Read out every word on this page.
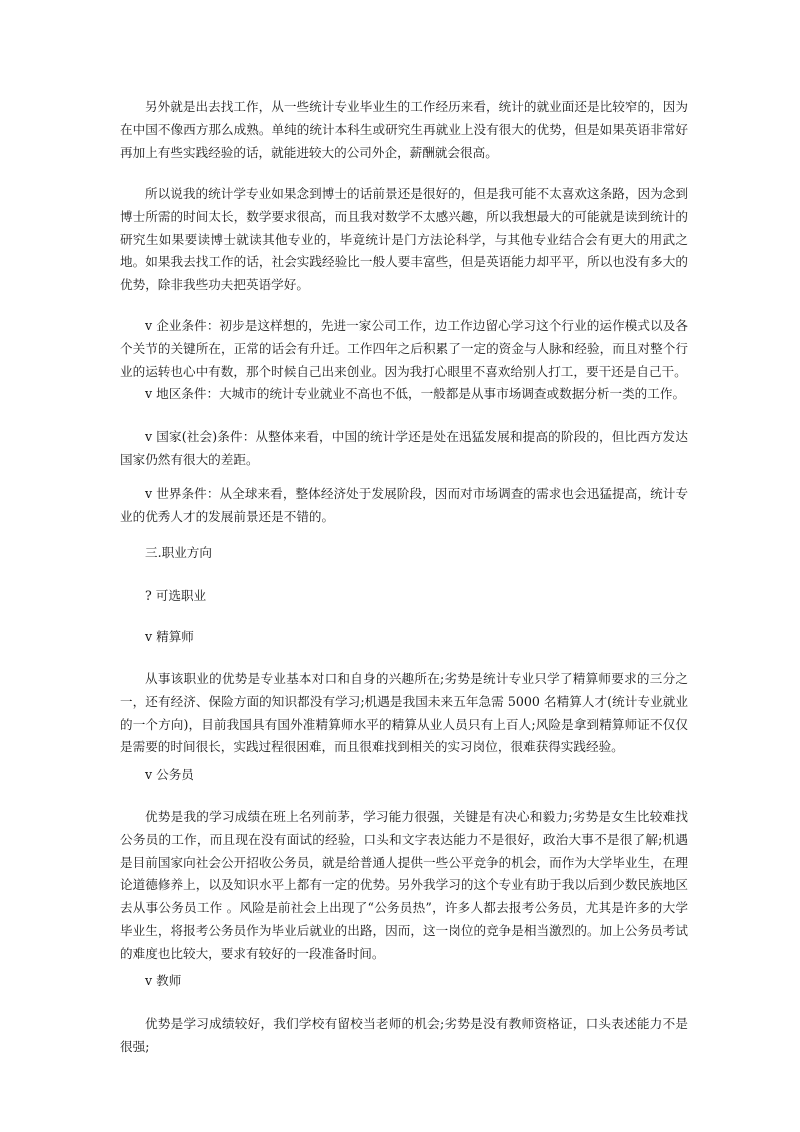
另外就是出去找工作，从一些统计专业毕业生的工作经历来看，统计的就业面还是比较窄的，因为在中国不像西方那么成熟。单纯的统计本科生或研究生再就业上没有很大的优势，但是如果英语非常好再加上有些实践经验的话，就能进较大的公司外企，薪酬就会很高。

所以说我的统计学专业如果念到博士的话前景还是很好的，但是我可能不太喜欢这条路，因为念到博士所需的时间太长，数学要求很高，而且我对数学不太感兴趣，所以我想最大的可能就是读到统计的研究生如果要读博士就读其他专业的，毕竟统计是门方法论科学，与其他专业结合会有更大的用武之地。如果我去找工作的话，社会实践经验比一般人要丰富些，但是英语能力却平平，所以也没有多大的优势，除非我些功夫把英语学好。

v 企业条件：初步是这样想的，先进一家公司工作，边工作边留心学习这个行业的运作模式以及各个关节的关键所在，正常的话会有升迁。工作四年之后积累了一定的资金与人脉和经验，而且对整个行业的运转也心中有数，那个时候自己出来创业。因为我打心眼里不喜欢给别人打工，要干还是自己干。

v 地区条件：大城市的统计专业就业不高也不低，一般都是从事市场调查或数据分析一类的工作。

v 国家(社会)条件：从整体来看，中国的统计学还是处在迅猛发展和提高的阶段的，但比西方发达国家仍然有很大的差距。

v 世界条件：从全球来看，整体经济处于发展阶段，因而对市场调查的需求也会迅猛提高，统计专业的优秀人才的发展前景还是不错的。

三.职业方向

? 可选职业

v 精算师

从事该职业的优势是专业基本对口和自身的兴趣所在;劣势是统计专业只学了精算师要求的三分之一，还有经济、保险方面的知识都没有学习;机遇是我国未来五年急需 5000 名精算人才(统计专业就业的一个方向)，目前我国具有国外准精算师水平的精算从业人员只有上百人;风险是拿到精算师证不仅仅是需要的时间很长，实践过程很困难，而且很难找到相关的实习岗位，很难获得实践经验。

v 公务员

优势是我的学习成绩在班上名列前茅，学习能力很强，关键是有决心和毅力;劣势是女生比较难找公务员的工作，而且现在没有面试的经验，口头和文字表达能力不是很好，政治大事不是很了解;机遇是目前国家向社会公开招收公务员，就是给普通人提供一些公平竞争的机会，而作为大学毕业生，在理论道德修养上，以及知识水平上都有一定的优势。另外我学习的这个专业有助于我以后到少数民族地区去从事公务员工作 。风险是前社会上出现了“公务员热”，许多人都去报考公务员，尤其是许多的大学毕业生，将报考公务员作为毕业后就业的出路，因而，这一岗位的竞争是相当激烈的。加上公务员考试的难度也比较大，要求有较好的一段准备时间。

v 教师

优势是学习成绩较好，我们学校有留校当老师的机会;劣势是没有教师资格证，口头表述能力不是很强;
